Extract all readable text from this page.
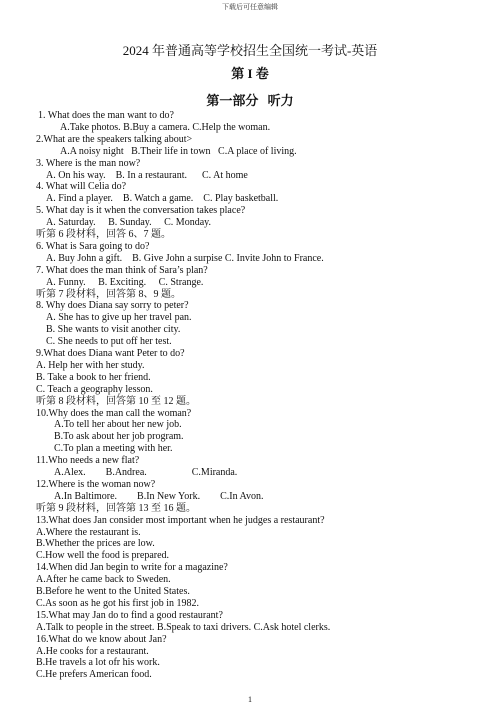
下载后可任意编辑
2024 年普通高等学校招生全国统一考试-英语
第 I 卷
第一部分 听力
1. What does the man want to do?
A.Take photos. B.Buy a camera. C.Help the woman.
2.What are the speakers talking about>
A.A noisy night   B.Their life in town   C.A place of living.
3. Where is the man now?
A. On his way.    B. In a restaurant.      C. At home
4. What will Celia do?
A. Find a player.    B. Watch a game.    C. Play basketball.
5. What day is it when the conversation takes place?
A. Saturday.     B. Sunday.     C. Monday.
听第 6 段材料，回答 6、7 题。
6. What is Sara going to do?
A. Buy John a gift.    B. Give John a surpise C. Invite John to France.
7. What does the man think of Sara’s plan?
A. Funny.     B. Exciting.     C. Strange.
听第 7 段材料，回答第 8、9 题。
8. Why does Diana say sorry to peter?
A. She has to give up her travel pan.
B. She wants to visit another city.
C. She needs to put off her test.
9.What does Diana want Peter to do?
A. Help her with her study.
B. Take a book to her friend.
C. Teach a geography lesson.
听第 8 段材料，回答第 10 至 12 题。
10.Why does the man call the woman?
A.To tell her about her new job.
B.To ask about her job program.
C.To plan a meeting with her.
11.Who needs a new flat?
A.Alex.        B.Andrea.                  C.Miranda.
12.Where is the woman now?
A.In Baltimore.        B.In New York.        C.In Avon.
听第 9 段材料，回答第 13 至 16 题。
13.What does Jan consider most important when he judges a restaurant?
A.Where the restaurant is.
B.Whether the prices are low.
C.How well the food is prepared.
14.When did Jan begin to write for a magazine?
A.After he came back to Sweden.
B.Before he went to the United States.
C.As soon as he got his first job in 1982.
15.What may Jan do to find a good restaurant?
A.Talk to people in the street. B.Speak to taxi drivers. C.Ask hotel clerks.
16.What do we know about Jan?
A.He cooks for a restaurant.
B.He travels a lot ofr his work.
C.He prefers American food.
1
